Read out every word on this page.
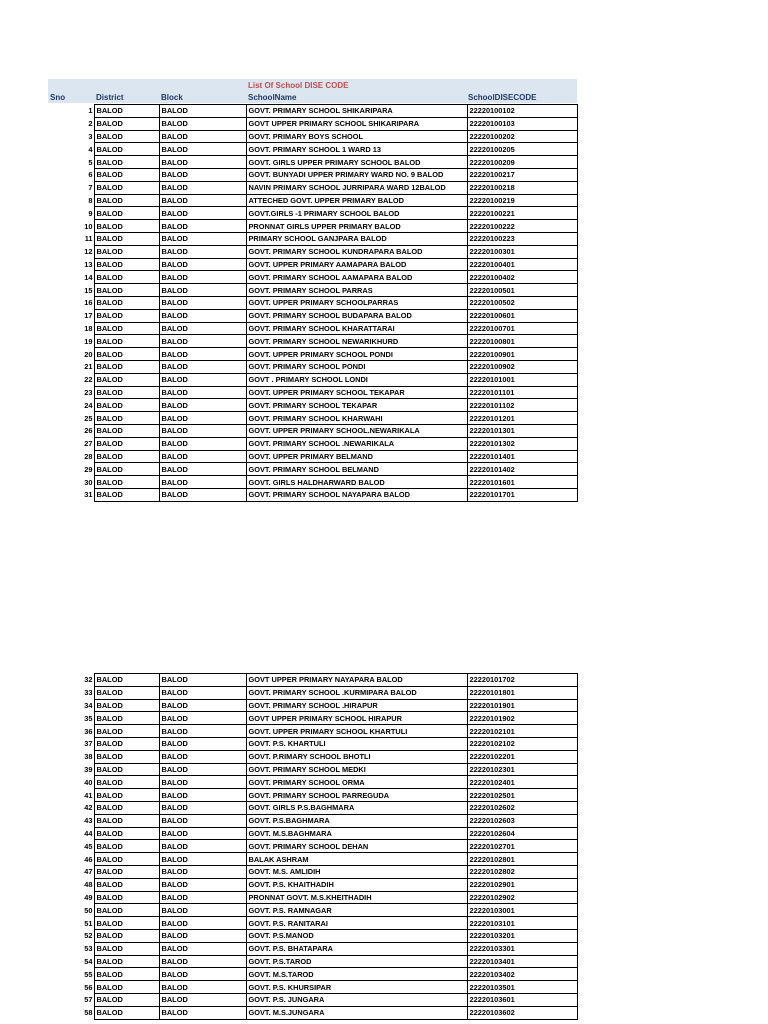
List Of School DISE CODE
Sno	District	Block	SchoolName	SchoolDISECODE
1	BALOD	BALOD	GOVT. PRIMARY SCHOOL SHIKARIPARA	22220100102
2	BALOD	BALOD	GOVT UPPER PRIMARY SCHOOL SHIKARIPARA	22220100103
3	BALOD	BALOD	GOVT. PRIMARY BOYS SCHOOL	22220100202
4	BALOD	BALOD	GOVT. PRIMARY SCHOOL 1 WARD 13	22220100205
5	BALOD	BALOD	GOVT. GIRLS UPPER PRIMARY SCHOOL BALOD	22220100209
6	BALOD	BALOD	GOVT. BUNYADI UPPER PRIMARY WARD NO. 9 BALOD	22220100217
7	BALOD	BALOD	NAVIN PRIMARY SCHOOL JURRIPARA WARD 12BALOD	22220100218
8	BALOD	BALOD	ATTECHED GOVT. UPPER PRIMARY BALOD	22220100219
9	BALOD	BALOD	GOVT.GIRLS -1 PRIMARY SCHOOL BALOD	22220100221
10	BALOD	BALOD	PRONNAT GIRLS UPPER PRIMARY BALOD	22220100222
11	BALOD	BALOD	PRIMARY SCHOOL GANJPARA BALOD	22220100223
12	BALOD	BALOD	GOVT. PRIMARY SCHOOL KUNDRAPARA BALOD	22220100301
13	BALOD	BALOD	GOVT. UPPER PRIMARY AAMAPARA BALOD	22220100401
14	BALOD	BALOD	GOVT. PRIMARY SCHOOL AAMAPARA BALOD	22220100402
15	BALOD	BALOD	GOVT. PRIMARY SCHOOL PARRAS	22220100501
16	BALOD	BALOD	GOVT. UPPER PRIMARY SCHOOLPARRAS	22220100502
17	BALOD	BALOD	GOVT. PRIMARY SCHOOL BUDAPARA BALOD	22220100601
18	BALOD	BALOD	GOVT. PRIMARY SCHOOL KHARATTARAI	22220100701
19	BALOD	BALOD	GOVT. PRIMARY SCHOOL NEWARIKHURD	22220100801
20	BALOD	BALOD	GOVT. UPPER PRIMARY SCHOOL PONDI	22220100901
21	BALOD	BALOD	GOVT. PRIMARY SCHOOL PONDI	22220100902
22	BALOD	BALOD	GOVT . PRIMARY SCHOOL LONDI	22220101001
23	BALOD	BALOD	GOVT. UPPER PRIMARY SCHOOL TEKAPAR	22220101101
24	BALOD	BALOD	GOVT. PRIMARY SCHOOL TEKAPAR	22220101102
25	BALOD	BALOD	GOVT. PRIMARY SCHOOL KHARWAHI	22220101201
26	BALOD	BALOD	GOVT. UPPER PRIMARY SCHOOL.NEWARIKALA	22220101301
27	BALOD	BALOD	GOVT. PRIMARY SCHOOL .NEWARIKALA	22220101302
28	BALOD	BALOD	GOVT. UPPER PRIMARY BELMAND	22220101401
29	BALOD	BALOD	GOVT. PRIMARY SCHOOL BELMAND	22220101402
30	BALOD	BALOD	GOVT. GIRLS HALDHARWARD BALOD	22220101601
31	BALOD	BALOD	GOVT. PRIMARY SCHOOL NAYAPARA BALOD	22220101701
32	BALOD	BALOD	GOVT UPPER PRIMARY NAYAPARA BALOD	22220101702
33	BALOD	BALOD	GOVT. PRIMARY SCHOOL .KURMIPARA BALOD	22220101801
34	BALOD	BALOD	GOVT. PRIMARY SCHOOL .HIRAPUR	22220101901
35	BALOD	BALOD	GOVT UPPER PRIMARY SCHOOL HIRAPUR	22220101902
36	BALOD	BALOD	GOVT. UPPER PRIMARY SCHOOL KHARTULI	22220102101
37	BALOD	BALOD	GOVT. P.S. KHARTULI	22220102102
38	BALOD	BALOD	GOVT. P.RIMARY SCHOOL BHOTLI	22220102201
39	BALOD	BALOD	GOVT. PRIMARY SCHOOL MEDKI	22220102301
40	BALOD	BALOD	GOVT. PRIMARY SCHOOL ORMA	22220102401
41	BALOD	BALOD	GOVT. PRIMARY SCHOOL PARREGUDA	22220102501
42	BALOD	BALOD	GOVT. GIRLS P.S.BAGHMARA	22220102602
43	BALOD	BALOD	GOVT. P.S.BAGHMARA	22220102603
44	BALOD	BALOD	GOVT. M.S.BAGHMARA	22220102604
45	BALOD	BALOD	GOVT. PRIMARY SCHOOL DEHAN	22220102701
46	BALOD	BALOD	BALAK ASHRAM	22220102801
47	BALOD	BALOD	GOVT. M.S. AMLIDIH	22220102802
48	BALOD	BALOD	GOVT. P.S. KHAITHADIH	22220102901
49	BALOD	BALOD	PRONNAT GOVT. M.S.KHEITHADIH	22220102902
50	BALOD	BALOD	GOVT. P.S. RAMNAGAR	22220103001
51	BALOD	BALOD	GOVT. P.S. RANITARAI	22220103101
52	BALOD	BALOD	GOVT. P.S.MANOD	22220103201
53	BALOD	BALOD	GOVT. P.S. BHATAPARA	22220103301
54	BALOD	BALOD	GOVT. P.S.TAROD	22220103401
55	BALOD	BALOD	GOVT. M.S.TAROD	22220103402
56	BALOD	BALOD	GOVT. P.S. KHURSIPAR	22220103501
57	BALOD	BALOD	GOVT. P.S. JUNGARA	22220103601
58	BALOD	BALOD	GOVT. M.S.JUNGARA	22220103602
